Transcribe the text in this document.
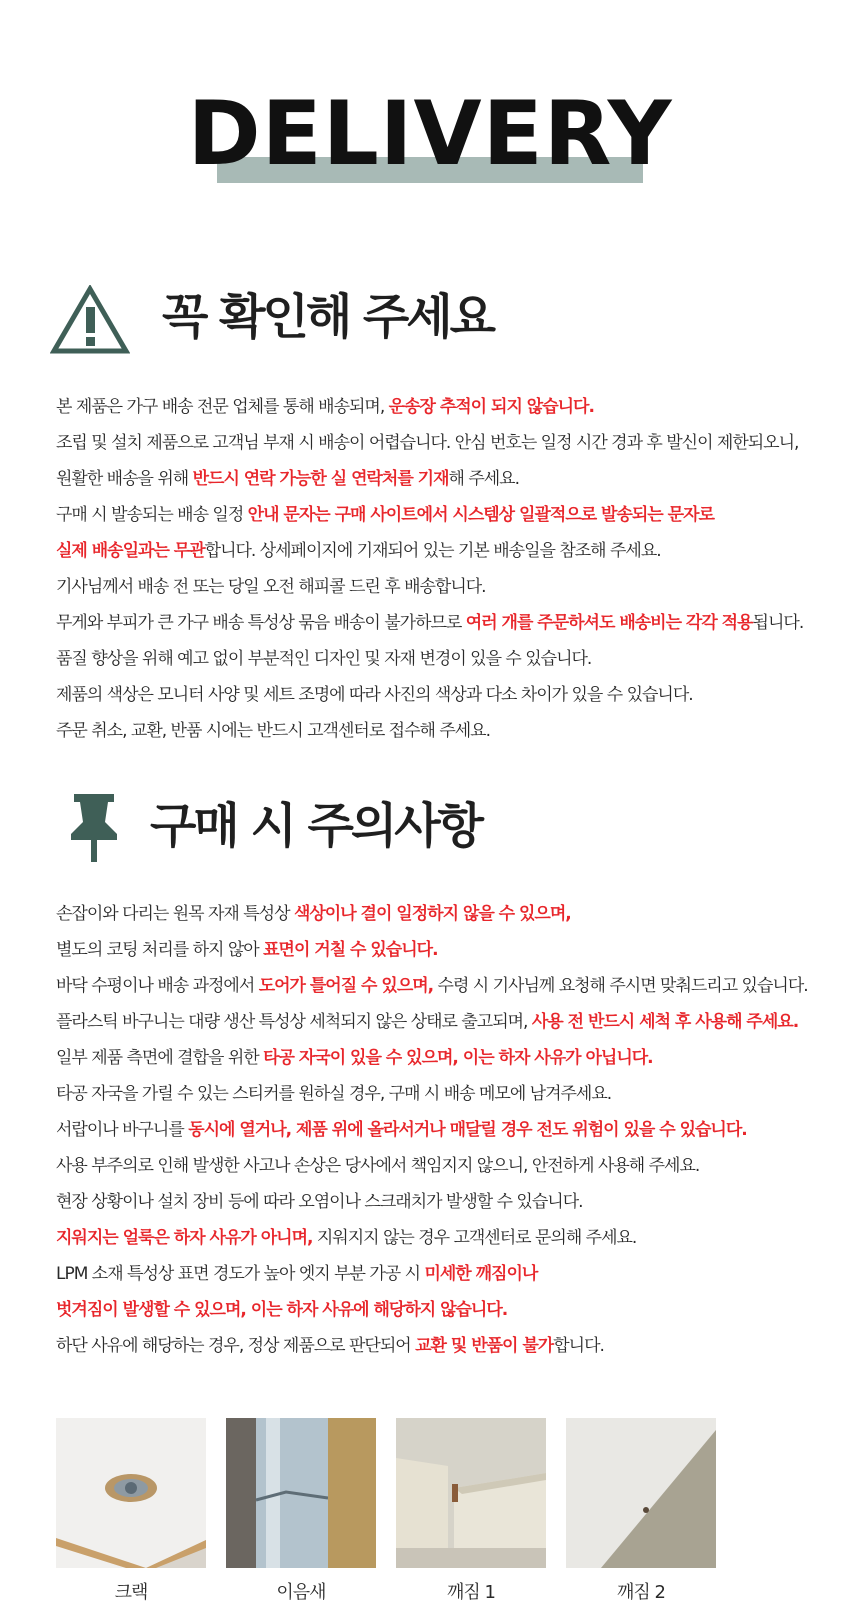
DELIVERY
꼭 확인해 주세요
본 제품은 가구 배송 전문 업체를 통해 배송되며, 운송장 추적이 되지 않습니다.
조립 및 설치 제품으로 고객님 부재 시 배송이 어렵습니다. 안심 번호는 일정 시간 경과 후 발신이 제한되오니,
원활한 배송을 위해 반드시 연락 가능한 실 연락처를 기재해 주세요.
구매 시 발송되는 배송 일정 안내 문자는 구매 사이트에서 시스템상 일괄적으로 발송되는 문자로
실제 배송일과는 무관합니다. 상세페이지에 기재되어 있는 기본 배송일을 참조해 주세요.
기사님께서 배송 전 또는 당일 오전 해피콜 드린 후 배송합니다.
무게와 부피가 큰 가구 배송 특성상 묶음 배송이 불가하므로 여러 개를 주문하셔도 배송비는 각각 적용됩니다.
품질 향상을 위해 예고 없이 부분적인 디자인 및 자재 변경이 있을 수 있습니다.
제품의 색상은 모니터 사양 및 세트 조명에 따라 사진의 색상과 다소 차이가 있을 수 있습니다.
주문 취소, 교환, 반품 시에는 반드시 고객센터로 접수해 주세요.
구매 시 주의사항
손잡이와 다리는 원목 자재 특성상 색상이나 결이 일정하지 않을 수 있으며,
별도의 코팅 처리를 하지 않아 표면이 거칠 수 있습니다.
바닥 수평이나 배송 과정에서 도어가 틀어질 수 있으며, 수령 시 기사님께 요청해 주시면 맞춰드리고 있습니다.
플라스틱 바구니는 대량 생산 특성상 세척되지 않은 상태로 출고되며, 사용 전 반드시 세척 후 사용해 주세요.
일부 제품 측면에 결합을 위한 타공 자국이 있을 수 있으며, 이는 하자 사유가 아닙니다.
타공 자국을 가릴 수 있는 스티커를 원하실 경우, 구매 시 배송 메모에 남겨주세요.
서랍이나 바구니를 동시에 열거나, 제품 위에 올라서거나 매달릴 경우 전도 위험이 있을 수 있습니다.
사용 부주의로 인해 발생한 사고나 손상은 당사에서 책임지지 않으니, 안전하게 사용해 주세요.
현장 상황이나 설치 장비 등에 따라 오염이나 스크래치가 발생할 수 있습니다.
지워지는 얼룩은 하자 사유가 아니며, 지워지지 않는 경우 고객센터로 문의해 주세요.
LPM 소재 특성상 표면 경도가 높아 엣지 부분 가공 시 미세한 깨짐이나
벗겨짐이 발생할 수 있으며, 이는 하자 사유에 해당하지 않습니다.
하단 사유에 해당하는 경우, 정상 제품으로 판단되어 교환 및 반품이 불가합니다.
크랙	이음새	깨짐 1	깨짐 2
